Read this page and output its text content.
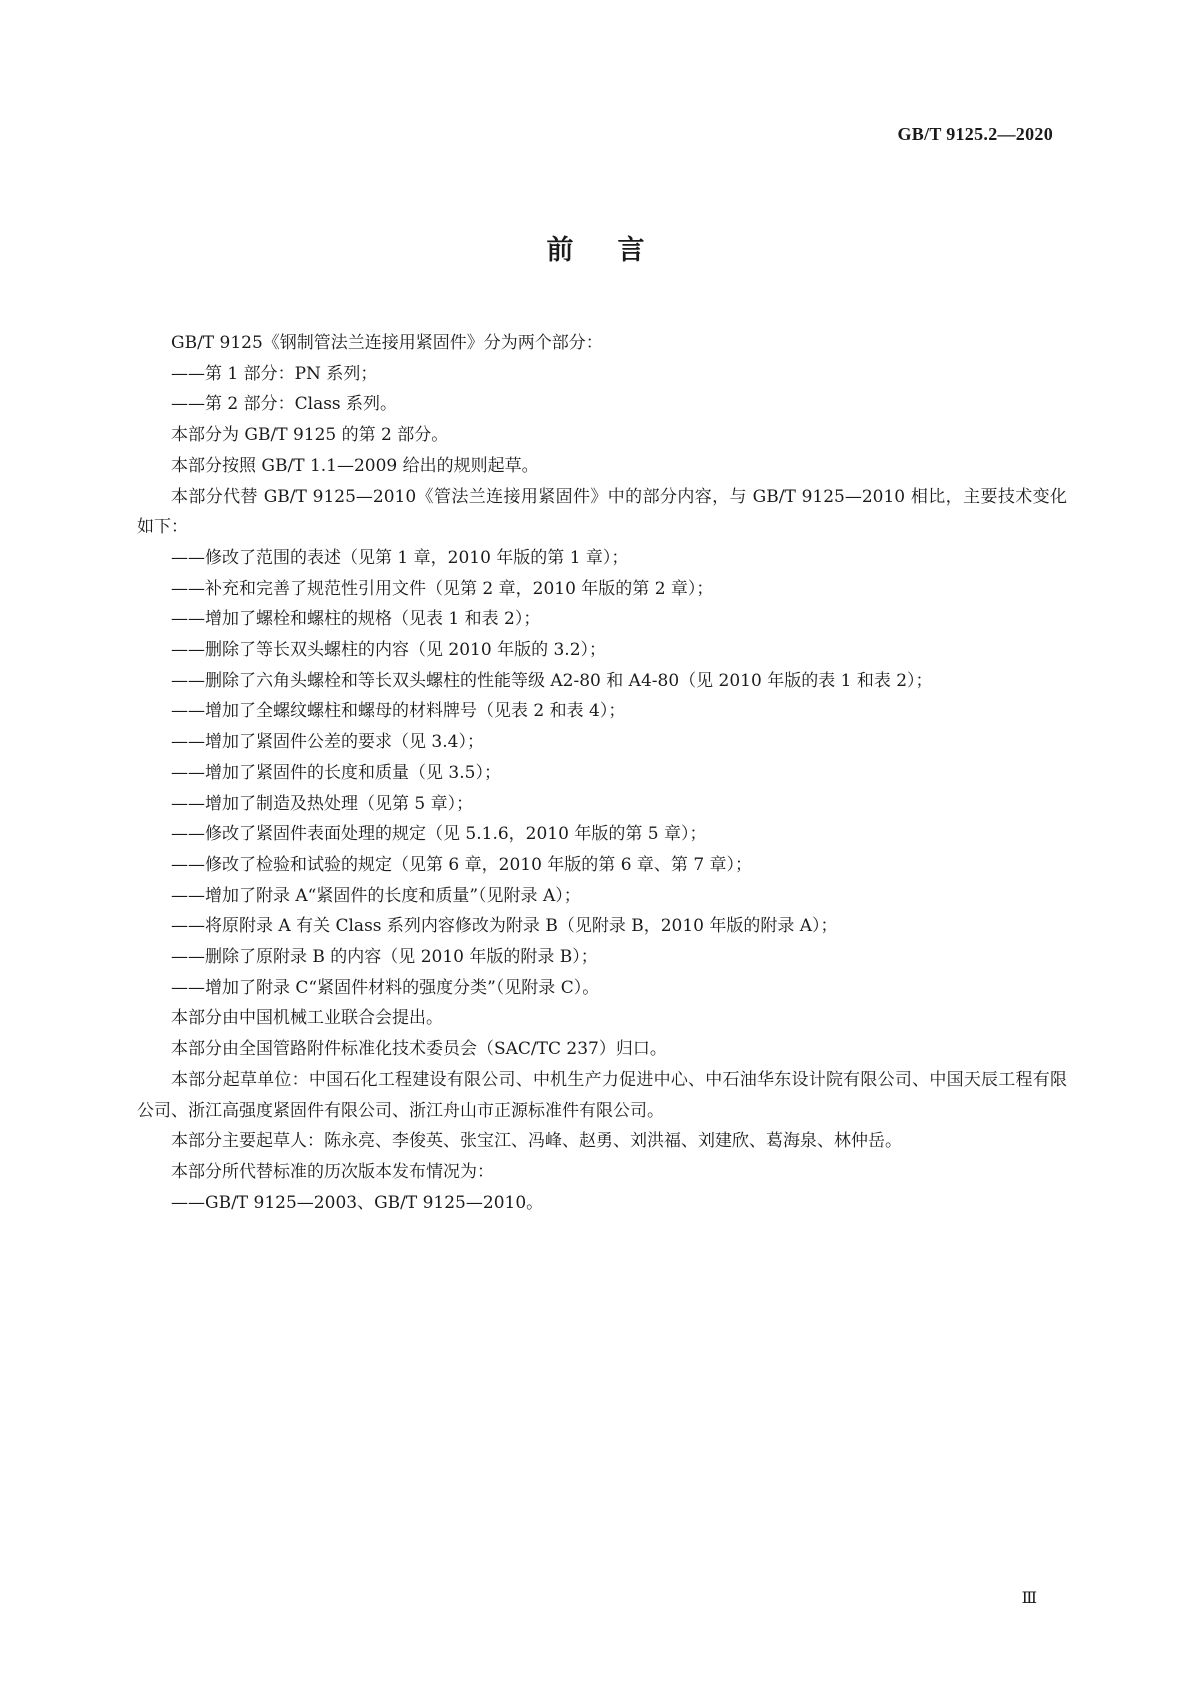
GB/T 9125.2—2020
前言

GB/T 9125《钢制管法兰连接用紧固件》分为两个部分：

——第 1 部分：PN 系列；

——第 2 部分：Class 系列。

本部分为 GB/T 9125 的第 2 部分。

本部分按照 GB/T 1.1—2009 给出的规则起草。

本部分代替 GB/T 9125—2010《管法兰连接用紧固件》中的部分内容，与 GB/T 9125—2010 相比，主要技术变化如下：

——修改了范围的表述（见第 1 章，2010 年版的第 1 章）；

——补充和完善了规范性引用文件（见第 2 章，2010 年版的第 2 章）；

——增加了螺栓和螺柱的规格（见表 1 和表 2）；

——删除了等长双头螺柱的内容（见 2010 年版的 3.2）；

——删除了六角头螺栓和等长双头螺柱的性能等级 A2-80 和 A4-80（见 2010 年版的表 1 和表 2）；

——增加了全螺纹螺柱和螺母的材料牌号（见表 2 和表 4）；

——增加了紧固件公差的要求（见 3.4）；

——增加了紧固件的长度和质量（见 3.5）；

——增加了制造及热处理（见第 5 章）；

——修改了紧固件表面处理的规定（见 5.1.6，2010 年版的第 5 章）；

——修改了检验和试验的规定（见第 6 章，2010 年版的第 6 章、第 7 章）；

——增加了附录 A“紧固件的长度和质量”（见附录 A）；

——将原附录 A 有关 Class 系列内容修改为附录 B（见附录 B，2010 年版的附录 A）；

——删除了原附录 B 的内容（见 2010 年版的附录 B）；

——增加了附录 C“紧固件材料的强度分类”（见附录 C）。

本部分由中国机械工业联合会提出。

本部分由全国管路附件标准化技术委员会（SAC/TC 237）归口。

本部分起草单位：中国石化工程建设有限公司、中机生产力促进中心、中石油华东设计院有限公司、中国天辰工程有限公司、浙江高强度紧固件有限公司、浙江舟山市正源标准件有限公司。

本部分主要起草人：陈永亮、李俊英、张宝江、冯峰、赵勇、刘洪福、刘建欣、葛海泉、林仲岳。

本部分所代替标准的历次版本发布情况为：

——GB/T 9125—2003、GB/T 9125—2010。

Ⅲ
